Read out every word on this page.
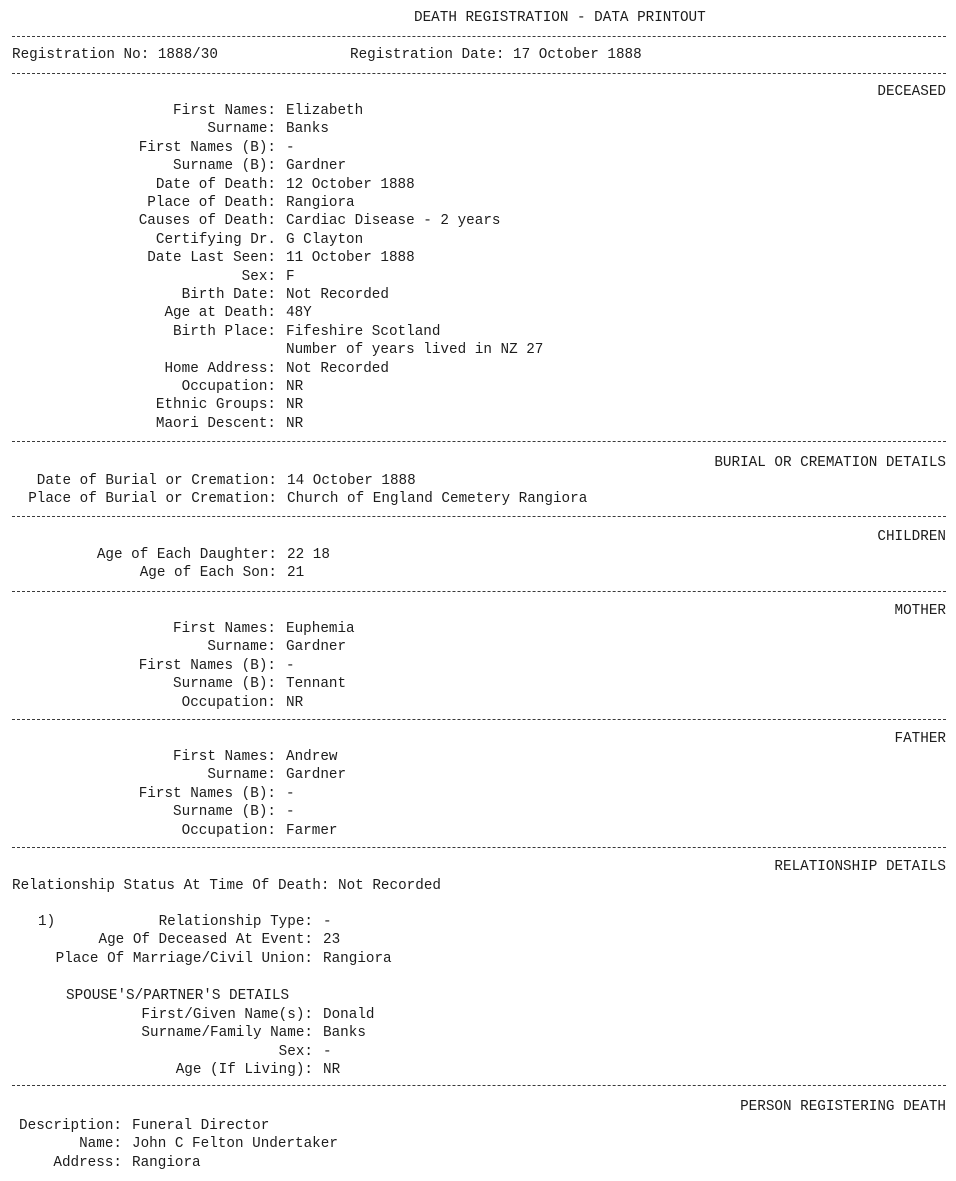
DEATH REGISTRATION - DATA PRINTOUT
Registration No: 1888/30	Registration Date: 17 October 1888
DECEASED
First Names: Elizabeth
Surname: Banks
First Names (B): -
Surname (B): Gardner
Date of Death: 12 October 1888
Place of Death: Rangiora
Causes of Death: Cardiac Disease - 2 years
Certifying Dr. G Clayton
Date Last Seen: 11 October 1888
Sex: F
Birth Date: Not Recorded
Age at Death: 48Y
Birth Place: Fifeshire Scotland
Number of years lived in NZ 27
Home Address: Not Recorded
Occupation: NR
Ethnic Groups: NR
Maori Descent: NR
BURIAL OR CREMATION DETAILS
Date of Burial or Cremation: 14 October 1888
Place of Burial or Cremation: Church of England Cemetery Rangiora
CHILDREN
Age of Each Daughter: 22 18
Age of Each Son: 21
MOTHER
First Names: Euphemia
Surname: Gardner
First Names (B): -
Surname (B): Tennant
Occupation: NR
FATHER
First Names: Andrew
Surname: Gardner
First Names (B): -
Surname (B): -
Occupation: Farmer
RELATIONSHIP DETAILS
Relationship Status At Time Of Death: Not Recorded
1)	Relationship Type: -
Age Of Deceased At Event: 23
Place Of Marriage/Civil Union: Rangiora
SPOUSE'S/PARTNER'S DETAILS
First/Given Name(s): Donald
Surname/Family Name: Banks
Sex: -
Age (If Living): NR
PERSON REGISTERING DEATH
Description: Funeral Director
Name: John C Felton Undertaker
Address: Rangiora
